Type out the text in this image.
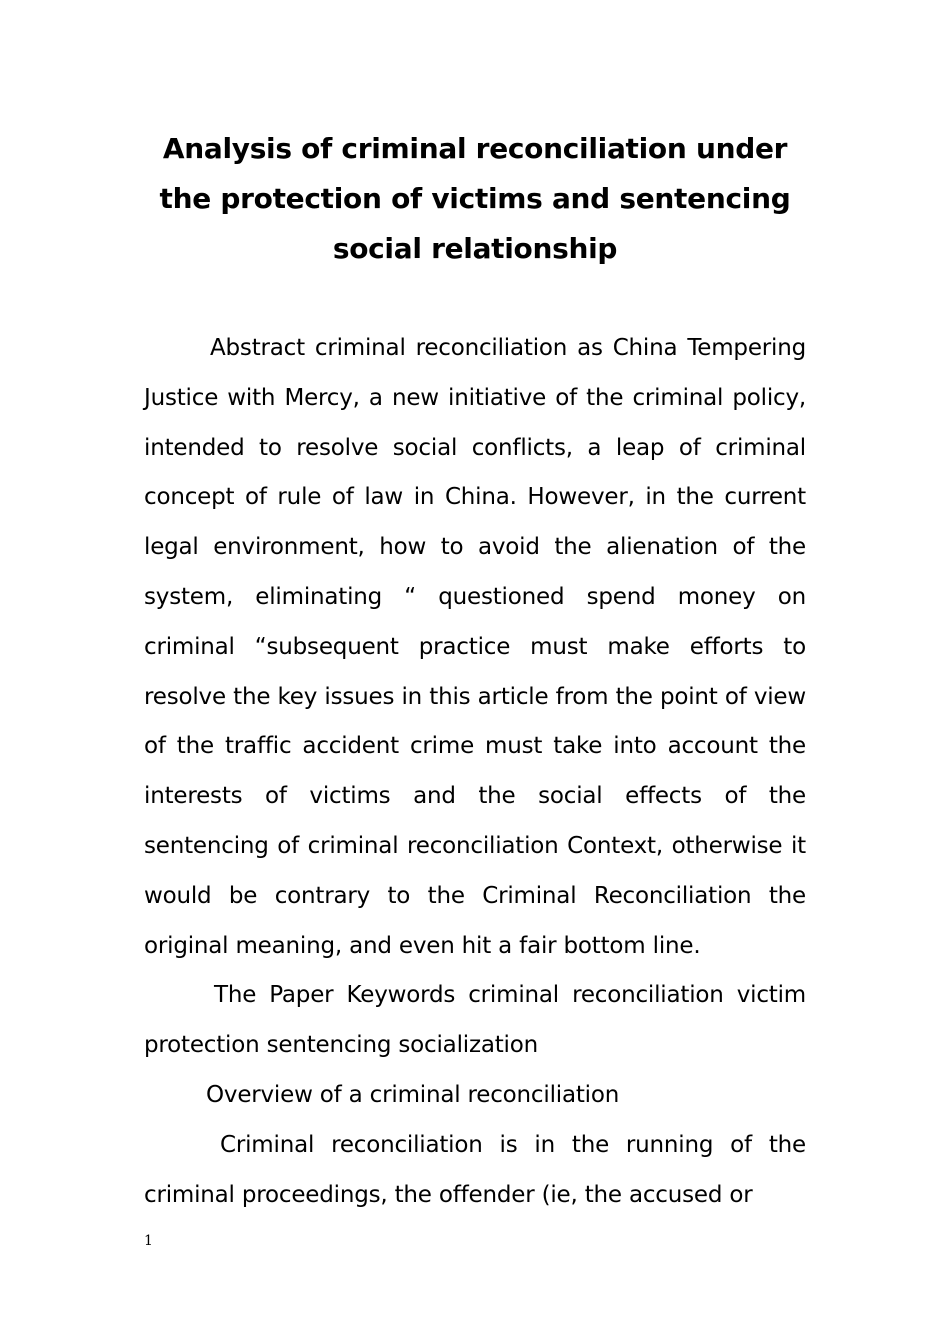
Analysis of criminal reconciliation under the protection of victims and sentencing social relationship

Abstract criminal reconciliation as China Tempering Justice with Mercy, a new initiative of the criminal policy, intended to resolve social conflicts, a leap of criminal concept of rule of law in China. However, in the current legal environment, how to avoid the alienation of the system, eliminating “ questioned spend money on criminal “subsequent practice must make efforts to resolve the key issues in this article from the point of view of the traffic accident crime must take into account the interests of victims and the social effects of the sentencing of criminal reconciliation Context, otherwise it would be contrary to the Criminal Reconciliation the original meaning, and even hit a fair bottom line.

The Paper Keywords criminal reconciliation victim protection sentencing socialization

Overview of a criminal reconciliation

Criminal reconciliation is in the running of the criminal proceedings, the offender (ie, the accused or

1
